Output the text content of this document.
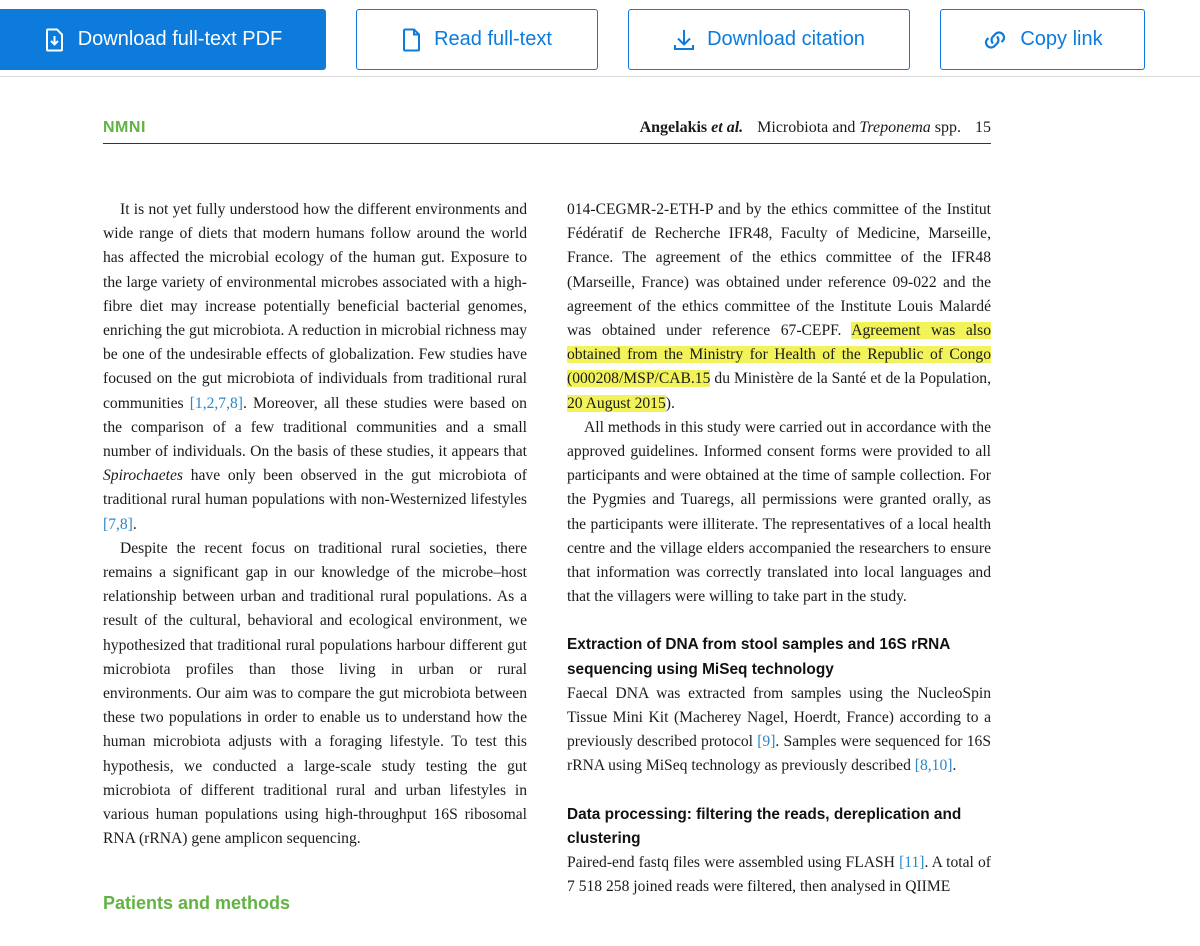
Download full-text PDF	Read full-text	Download citation	Copy link
NMNI	Angelakis et al. Microbiota and Treponema spp. 15

It is not yet fully understood how the different environments and wide range of diets that modern humans follow around the world has affected the microbial ecology of the human gut. Exposure to the large variety of environmental microbes associated with a high-fibre diet may increase potentially beneficial bacterial genomes, enriching the gut microbiota. A reduction in microbial richness may be one of the undesirable effects of globalization. Few studies have focused on the gut microbiota of individuals from traditional rural communities [1,2,7,8]. Moreover, all these studies were based on the comparison of a few traditional communities and a small number of individuals. On the basis of these studies, it appears that Spirochaetes have only been observed in the gut microbiota of traditional rural human populations with non-Westernized lifestyles [7,8].

Despite the recent focus on traditional rural societies, there remains a significant gap in our knowledge of the microbe–host relationship between urban and traditional rural populations. As a result of the cultural, behavioral and ecological environment, we hypothesized that traditional rural populations harbour different gut microbiota profiles than those living in urban or rural environments. Our aim was to compare the gut microbiota between these two populations in order to enable us to understand how the human microbiota adjusts with a foraging lifestyle. To test this hypothesis, we conducted a large-scale study testing the gut microbiota of different traditional rural and urban lifestyles in various human populations using high-throughput 16S ribosomal RNA (rRNA) gene amplicon sequencing.

Patients and methods

014-CEGMR-2-ETH-P and by the ethics committee of the Institut Fédératif de Recherche IFR48, Faculty of Medicine, Marseille, France. The agreement of the ethics committee of the IFR48 (Marseille, France) was obtained under reference 09-022 and the agreement of the ethics committee of the Institute Louis Malardé was obtained under reference 67-CEPF. Agreement was also obtained from the Ministry for Health of the Republic of Congo (000208/MSP/CAB.15 du Ministère de la Santé et de la Population, 20 August 2015).

All methods in this study were carried out in accordance with the approved guidelines. Informed consent forms were provided to all participants and were obtained at the time of sample collection. For the Pygmies and Tuaregs, all permissions were granted orally, as the participants were illiterate. The representatives of a local health centre and the village elders accompanied the researchers to ensure that information was correctly translated into local languages and that the villagers were willing to take part in the study.

Extraction of DNA from stool samples and 16S rRNA sequencing using MiSeq technology

Faecal DNA was extracted from samples using the NucleoSpin Tissue Mini Kit (Macherey Nagel, Hoerdt, France) according to a previously described protocol [9]. Samples were sequenced for 16S rRNA using MiSeq technology as previously described [8,10].

Data processing: filtering the reads, dereplication and clustering

Paired-end fastq files were assembled using FLASH [11]. A total of 7 518 258 joined reads were filtered, then analysed in QIIME
